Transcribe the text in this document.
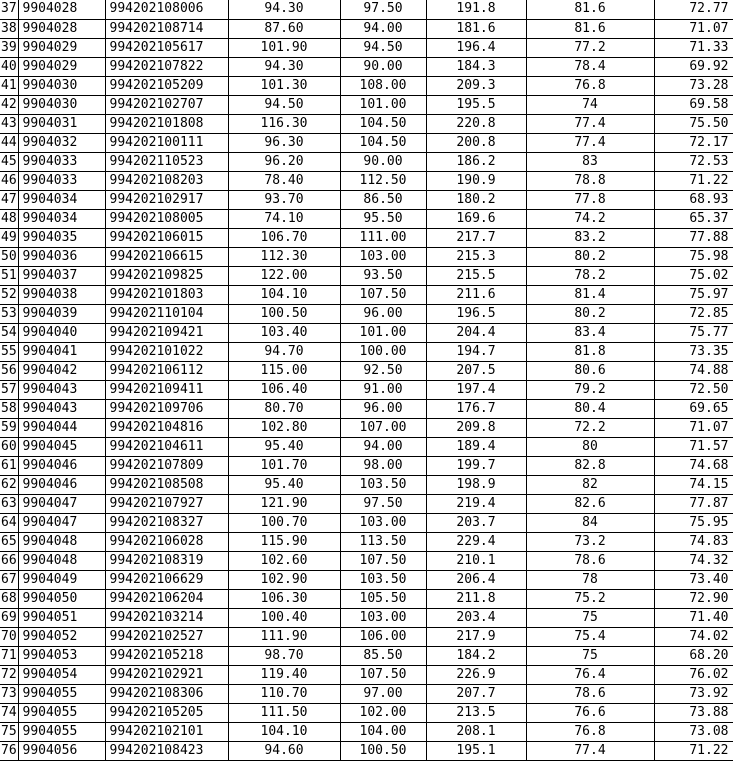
37	9904028	994202108006	94.30	97.50	191.8	81.6	72.77
38	9904028	994202108714	87.60	94.00	181.6	81.6	71.07
39	9904029	994202105617	101.90	94.50	196.4	77.2	71.33
40	9904029	994202107822	94.30	90.00	184.3	78.4	69.92
41	9904030	994202105209	101.30	108.00	209.3	76.8	73.28
42	9904030	994202102707	94.50	101.00	195.5	74	69.58
43	9904031	994202101808	116.30	104.50	220.8	77.4	75.50
44	9904032	994202100111	96.30	104.50	200.8	77.4	72.17
45	9904033	994202110523	96.20	90.00	186.2	83	72.53
46	9904033	994202108203	78.40	112.50	190.9	78.8	71.22
47	9904034	994202102917	93.70	86.50	180.2	77.8	68.93
48	9904034	994202108005	74.10	95.50	169.6	74.2	65.37
49	9904035	994202106015	106.70	111.00	217.7	83.2	77.88
50	9904036	994202106615	112.30	103.00	215.3	80.2	75.98
51	9904037	994202109825	122.00	93.50	215.5	78.2	75.02
52	9904038	994202101803	104.10	107.50	211.6	81.4	75.97
53	9904039	994202110104	100.50	96.00	196.5	80.2	72.85
54	9904040	994202109421	103.40	101.00	204.4	83.4	75.77
55	9904041	994202101022	94.70	100.00	194.7	81.8	73.35
56	9904042	994202106112	115.00	92.50	207.5	80.6	74.88
57	9904043	994202109411	106.40	91.00	197.4	79.2	72.50
58	9904043	994202109706	80.70	96.00	176.7	80.4	69.65
59	9904044	994202104816	102.80	107.00	209.8	72.2	71.07
60	9904045	994202104611	95.40	94.00	189.4	80	71.57
61	9904046	994202107809	101.70	98.00	199.7	82.8	74.68
62	9904046	994202108508	95.40	103.50	198.9	82	74.15
63	9904047	994202107927	121.90	97.50	219.4	82.6	77.87
64	9904047	994202108327	100.70	103.00	203.7	84	75.95
65	9904048	994202106028	115.90	113.50	229.4	73.2	74.83
66	9904048	994202108319	102.60	107.50	210.1	78.6	74.32
67	9904049	994202106629	102.90	103.50	206.4	78	73.40
68	9904050	994202106204	106.30	105.50	211.8	75.2	72.90
69	9904051	994202103214	100.40	103.00	203.4	75	71.40
70	9904052	994202102527	111.90	106.00	217.9	75.4	74.02
71	9904053	994202105218	98.70	85.50	184.2	75	68.20
72	9904054	994202102921	119.40	107.50	226.9	76.4	76.02
73	9904055	994202108306	110.70	97.00	207.7	78.6	73.92
74	9904055	994202105205	111.50	102.00	213.5	76.6	73.88
75	9904055	994202102101	104.10	104.00	208.1	76.8	73.08
76	9904056	994202108423	94.60	100.50	195.1	77.4	71.22
